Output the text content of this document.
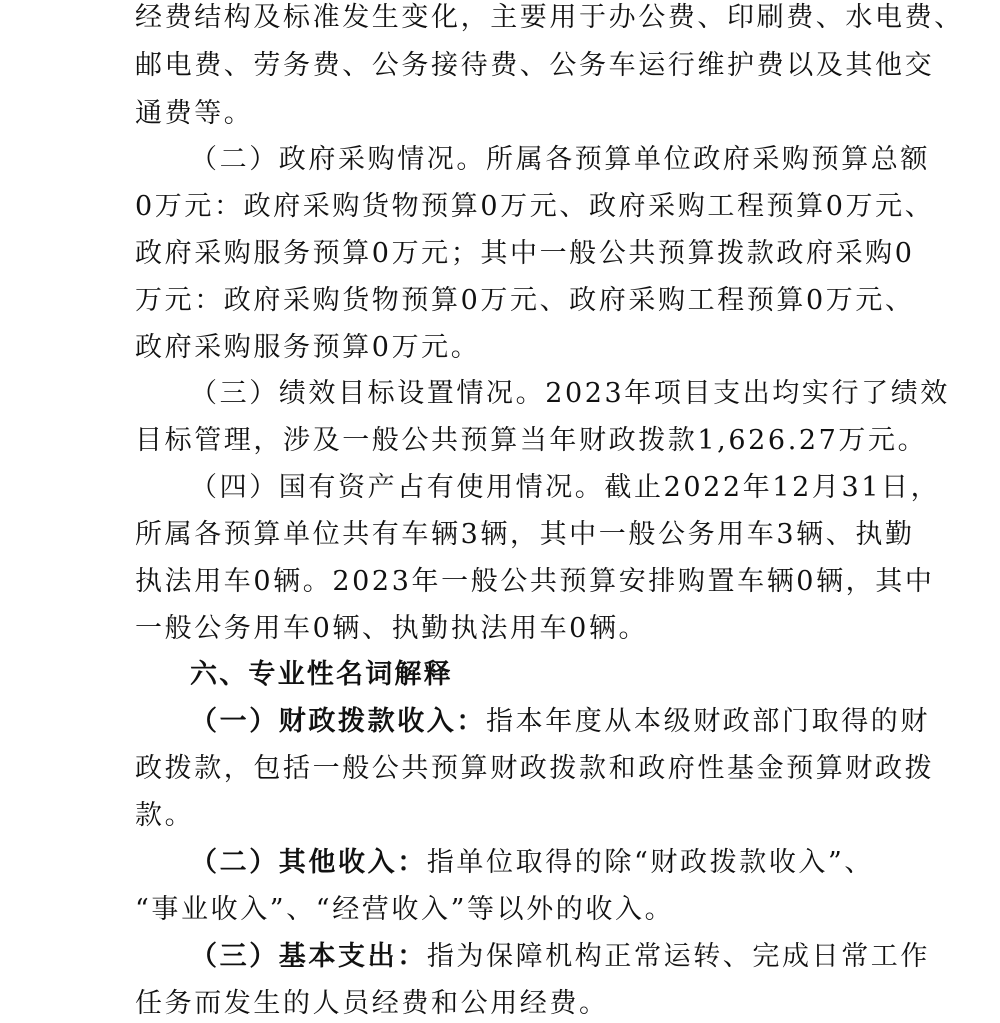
经费结构及标准发生变化，主要用于办公费、印刷费、水电费、
邮电费、劳务费、公务接待费、公务车运行维护费以及其他交
通费等。
（二）政府采购情况。所属各预算单位政府采购预算总额
0万元：政府采购货物预算0万元、政府采购工程预算0万元、
政府采购服务预算0万元；其中一般公共预算拨款政府采购0
万元：政府采购货物预算0万元、政府采购工程预算0万元、
政府采购服务预算0万元。
（三）绩效目标设置情况。2023年项目支出均实行了绩效
目标管理，涉及一般公共预算当年财政拨款1,626.27万元。
（四）国有资产占有使用情况。截止2022年12月31日，
所属各预算单位共有车辆3辆，其中一般公务用车3辆、执勤
执法用车0辆。2023年一般公共预算安排购置车辆0辆，其中
一般公务用车0辆、执勤执法用车0辆。
六、专业性名词解释
（一）财政拨款收入：指本年度从本级财政部门取得的财
政拨款，包括一般公共预算财政拨款和政府性基金预算财政拨
款。
（二）其他收入：指单位取得的除“财政拨款收入”、
“事业收入”、“经营收入”等以外的收入。
（三）基本支出：指为保障机构正常运转、完成日常工作
任务而发生的人员经费和公用经费。
